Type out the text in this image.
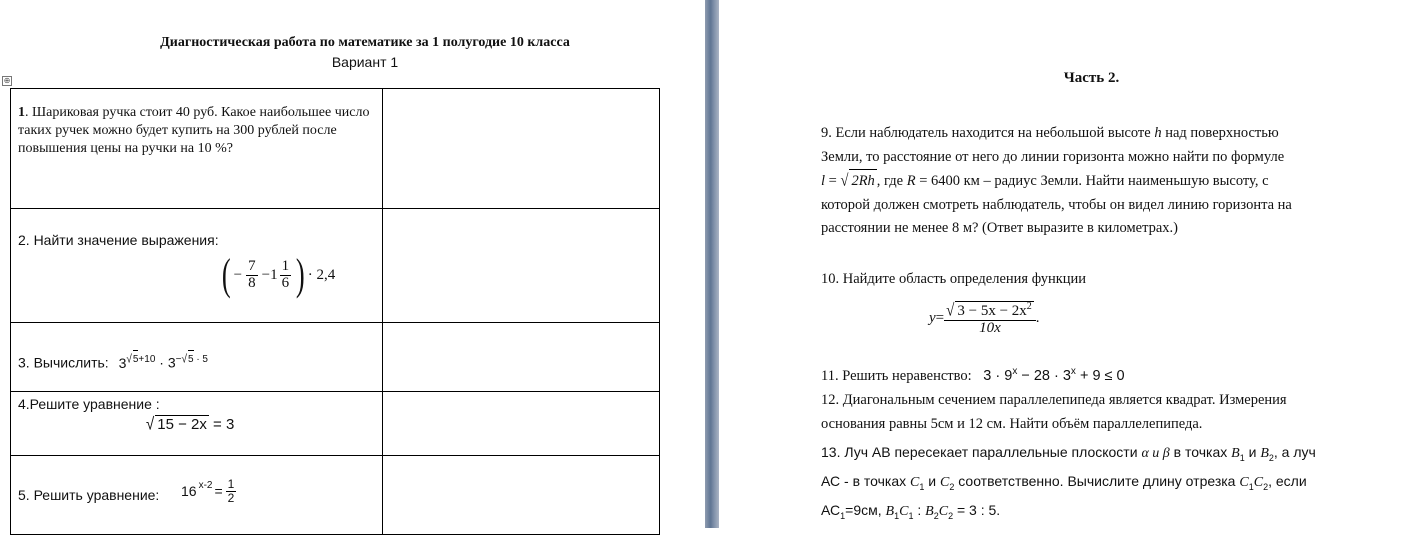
Диагностическая работа по математике за 1 полугодие 10 класса
Вариант 1
⊕
1. Шариковая ручка стоит 40 руб. Какое наибольшее число таких ручек можно будет купить на 300 рублей после повышения цены на ручки на 10 %?
2. Найти значение выражения:
( − $\frac{7}{8} -1 \frac{1}{6}$ ) · 2,4
3. Вычислить: $3^{√5+10} \cdot 3^{-√5 \cdot 5}$
4.Решите уравнение :
√ 15 − 2x = 3
5. Решить уравнение: $16^{x-2} = \frac{1}{2}$
Часть 2.
9. Если наблюдатель находится на небольшой высоте h над поверхностью
Земли, то расстояние от него до линии горизонта можно найти по формуле
l = √ 2Rh , где R = 6400 км – радиус Земли. Найти наименьшую высоту, с
которой должен смотреть наблюдатель, чтобы он видел линию горизонта на
расстоянии не менее 8 м? (Ответ выразите в километрах.)
10. Найдите область определения функции
$y = \frac{√ 3 - 5x - 2x^2}{10x}$ .
11. Решить неравенство: $3 \cdot 9^x - 28 \cdot 3^x + 9 \le 0$
12. Диагональным сечением параллелепипеда является квадрат. Измерения
основания равны 5см и 12 см. Найти объём параллелепипеда.
13. Луч АВ пересекает параллельные плоскости α и β в точках $B_1$ и $B_2$, а луч
АС - в точках $C_1$ и $C_2$ соответственно. Вычислите длину отрезка $C_1C_2$, если
$АС_1=9см$, $B_1C_1$ : $B_2C_2 = 3$ : 5.
